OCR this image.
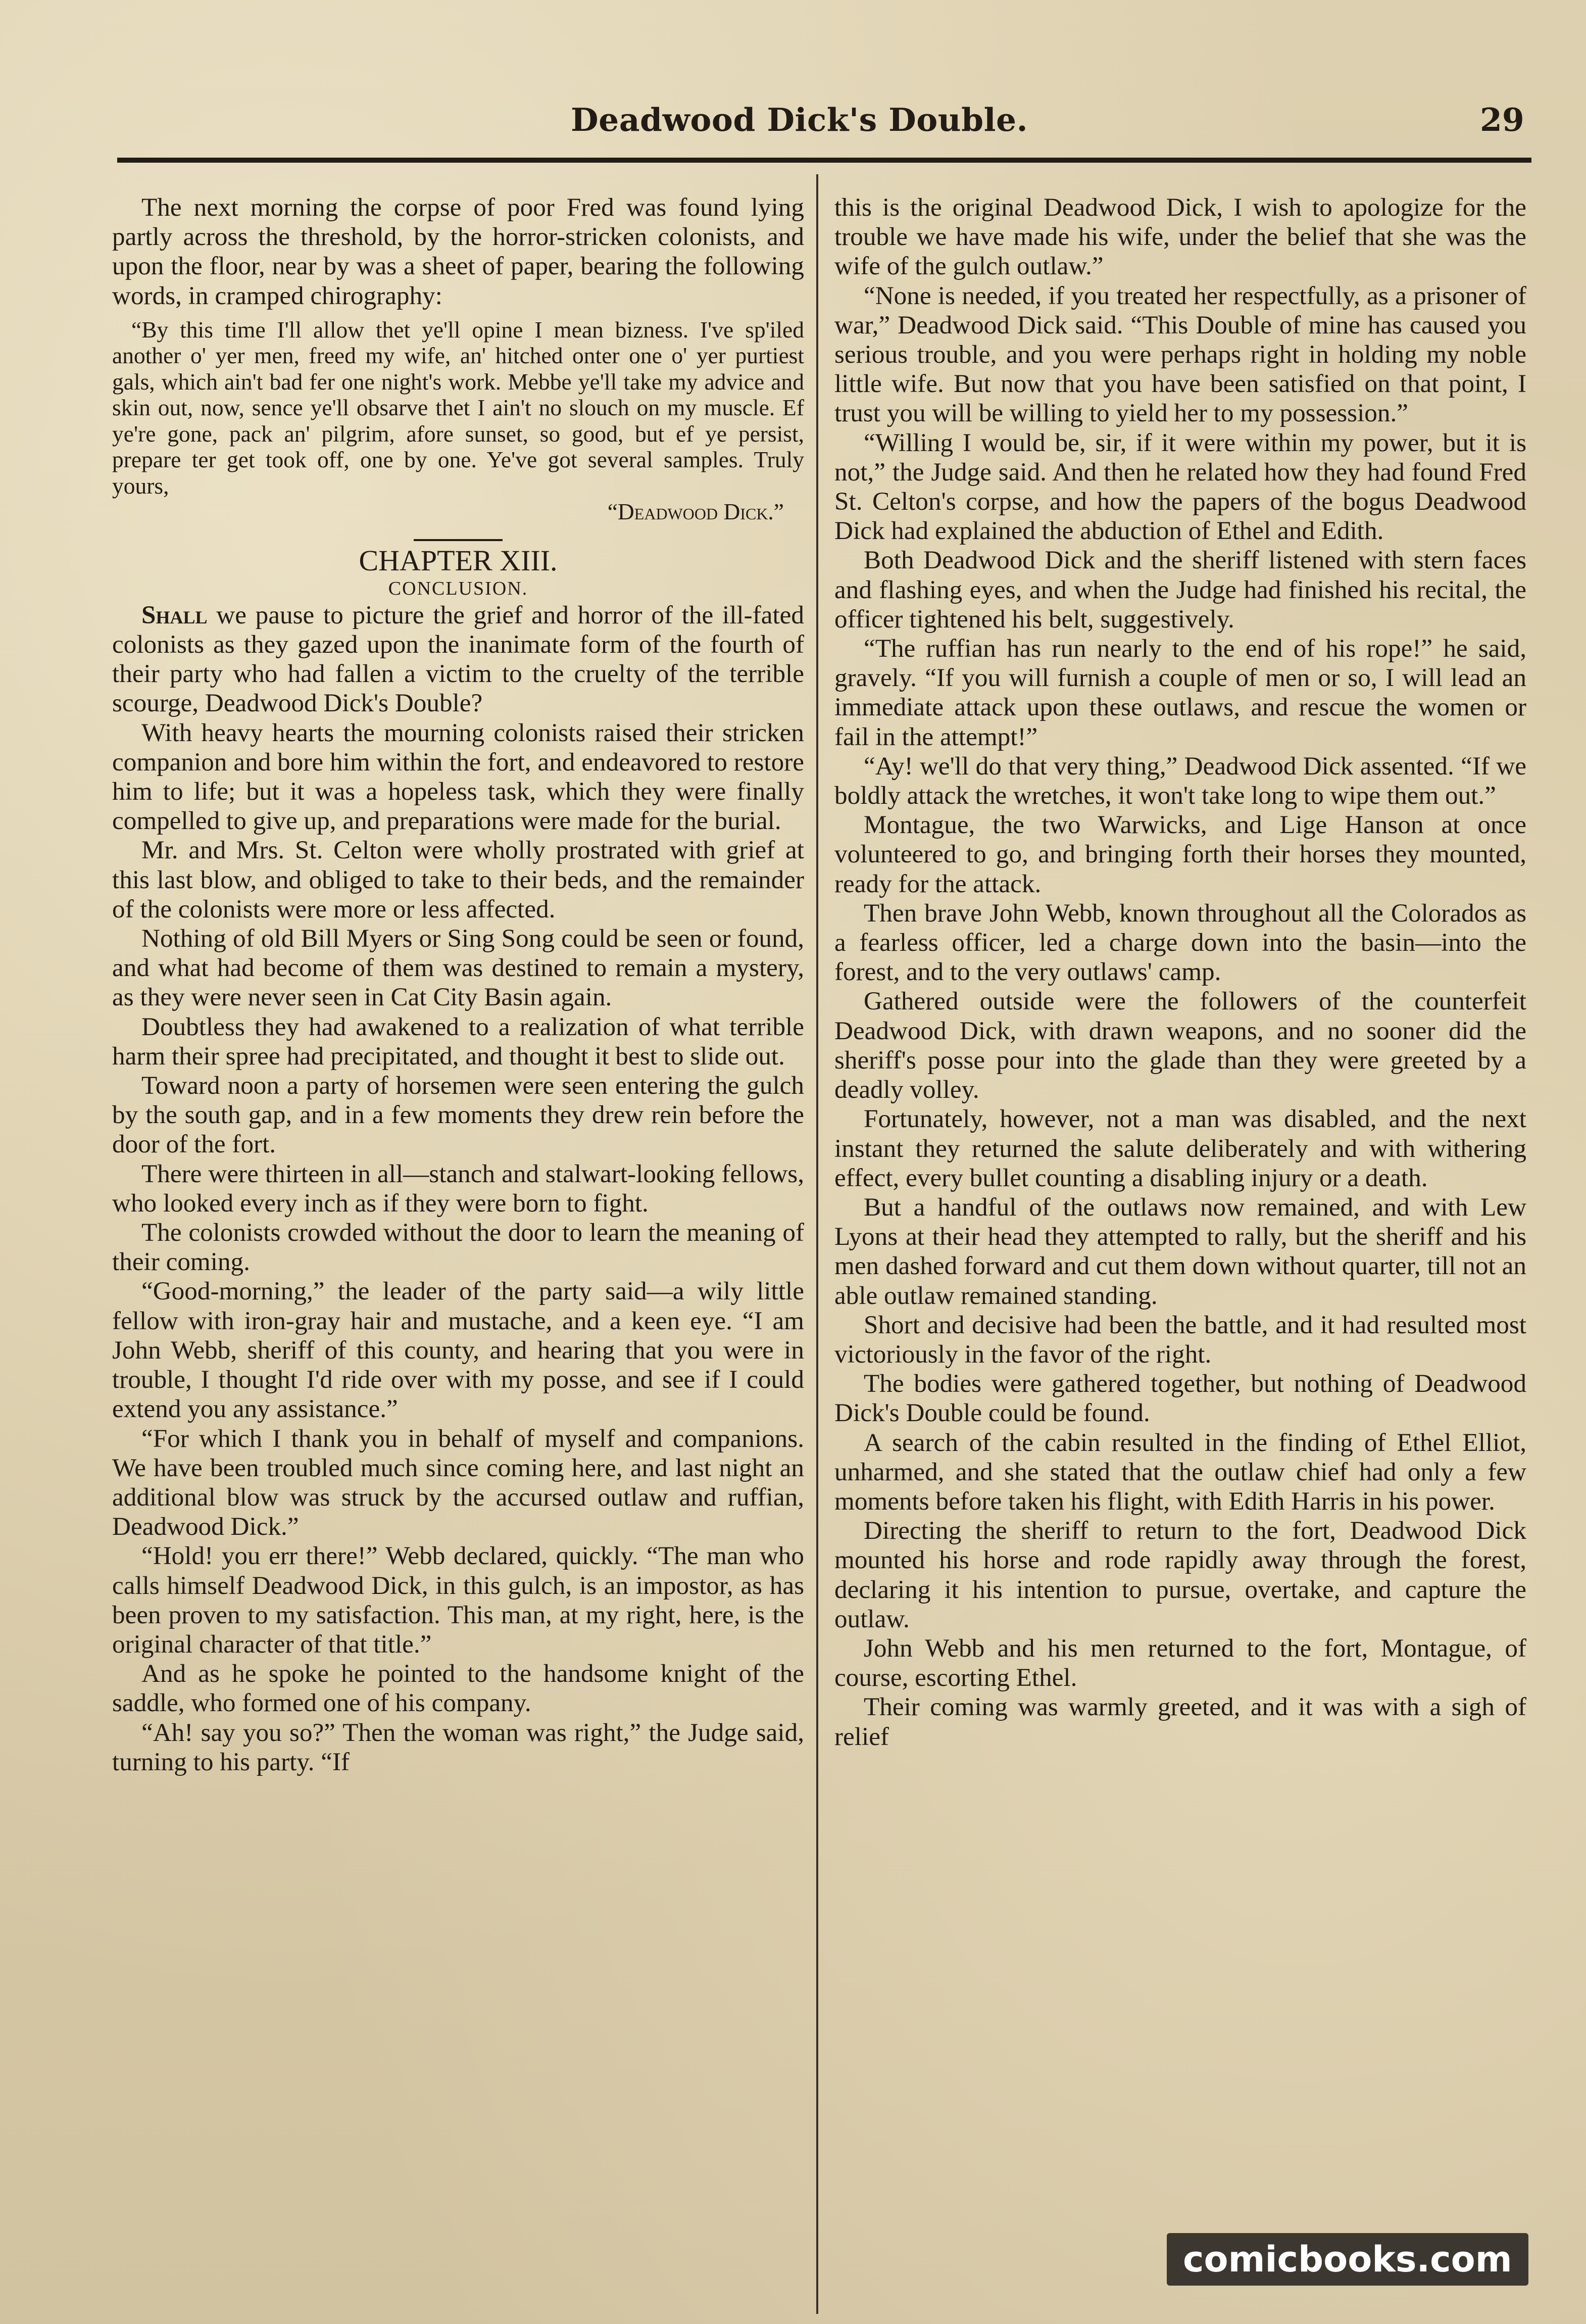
Deadwood Dick's Double.	29

The next morning the corpse of poor Fred was found lying partly across the threshold, by the horror-stricken colonists, and upon the floor, near by was a sheet of paper, bearing the following words, in cramped chirography:

“By this time I'll allow thet ye'll opine I mean bizness. I've sp'iled another o' yer men, freed my wife, an' hitched onter one o' yer purtiest gals, which ain't bad fer one night's work. Mebbe ye'll take my advice and skin out, now, sence ye'll obsarve thet I ain't no slouch on my muscle. Ef ye're gone, pack an' pilgrim, afore sunset, so good, but ef ye persist, prepare ter get took off, one by one. Ye've got several samples. Truly yours,

“Deadwood Dick.”
CHAPTER XIII.
CONCLUSION.

Shall we pause to picture the grief and horror of the ill-fated colonists as they gazed upon the inanimate form of the fourth of their party who had fallen a victim to the cruelty of the terrible scourge, Deadwood Dick's Double?

With heavy hearts the mourning colonists raised their stricken companion and bore him within the fort, and endeavored to restore him to life; but it was a hopeless task, which they were finally compelled to give up, and preparations were made for the burial.

Mr. and Mrs. St. Celton were wholly prostrated with grief at this last blow, and obliged to take to their beds, and the remainder of the colonists were more or less affected.

Nothing of old Bill Myers or Sing Song could be seen or found, and what had become of them was destined to remain a mystery, as they were never seen in Cat City Basin again.

Doubtless they had awakened to a realization of what terrible harm their spree had precipitated, and thought it best to slide out.

Toward noon a party of horsemen were seen entering the gulch by the south gap, and in a few moments they drew rein before the door of the fort.

There were thirteen in all—stanch and stalwart-looking fellows, who looked every inch as if they were born to fight.

The colonists crowded without the door to learn the meaning of their coming.

“Good-morning,” the leader of the party said—a wily little fellow with iron-gray hair and mustache, and a keen eye. “I am John Webb, sheriff of this county, and hearing that you were in trouble, I thought I'd ride over with my posse, and see if I could extend you any assistance.”

“For which I thank you in behalf of myself and companions. We have been troubled much since coming here, and last night an additional blow was struck by the accursed outlaw and ruffian, Deadwood Dick.”

“Hold! you err there!” Webb declared, quickly. “The man who calls himself Deadwood Dick, in this gulch, is an impostor, as has been proven to my satisfaction. This man, at my right, here, is the original character of that title.”

And as he spoke he pointed to the handsome knight of the saddle, who formed one of his company.

“Ah! say you so?” Then the woman was right,” the Judge said, turning to his party. “If

this is the original Deadwood Dick, I wish to apologize for the trouble we have made his wife, under the belief that she was the wife of the gulch outlaw.”

“None is needed, if you treated her respectfully, as a prisoner of war,” Deadwood Dick said. “This Double of mine has caused you serious trouble, and you were perhaps right in holding my noble little wife. But now that you have been satisfied on that point, I trust you will be willing to yield her to my possession.”

“Willing I would be, sir, if it were within my power, but it is not,” the Judge said. And then he related how they had found Fred St. Celton's corpse, and how the papers of the bogus Deadwood Dick had explained the abduction of Ethel and Edith.

Both Deadwood Dick and the sheriff listened with stern faces and flashing eyes, and when the Judge had finished his recital, the officer tightened his belt, suggestively.

“The ruffian has run nearly to the end of his rope!” he said, gravely. “If you will furnish a couple of men or so, I will lead an immediate attack upon these outlaws, and rescue the women or fail in the attempt!”

“Ay! we'll do that very thing,” Deadwood Dick assented. “If we boldly attack the wretches, it won't take long to wipe them out.”

Montague, the two Warwicks, and Lige Hanson at once volunteered to go, and bringing forth their horses they mounted, ready for the attack.

Then brave John Webb, known throughout all the Colorados as a fearless officer, led a charge down into the basin—into the forest, and to the very outlaws' camp.

Gathered outside were the followers of the counterfeit Deadwood Dick, with drawn weapons, and no sooner did the sheriff's posse pour into the glade than they were greeted by a deadly volley.

Fortunately, however, not a man was disabled, and the next instant they returned the salute deliberately and with withering effect, every bullet counting a disabling injury or a death.

But a handful of the outlaws now remained, and with Lew Lyons at their head they attempted to rally, but the sheriff and his men dashed forward and cut them down without quarter, till not an able outlaw remained standing.

Short and decisive had been the battle, and it had resulted most victoriously in the favor of the right.

The bodies were gathered together, but nothing of Deadwood Dick's Double could be found.

A search of the cabin resulted in the finding of Ethel Elliot, unharmed, and she stated that the outlaw chief had only a few moments before taken his flight, with Edith Harris in his power.

Directing the sheriff to return to the fort, Deadwood Dick mounted his horse and rode rapidly away through the forest, declaring it his intention to pursue, overtake, and capture the outlaw.

John Webb and his men returned to the fort, Montague, of course, escorting Ethel.

Their coming was warmly greeted, and it was with a sigh of relief

comicbooks.com
